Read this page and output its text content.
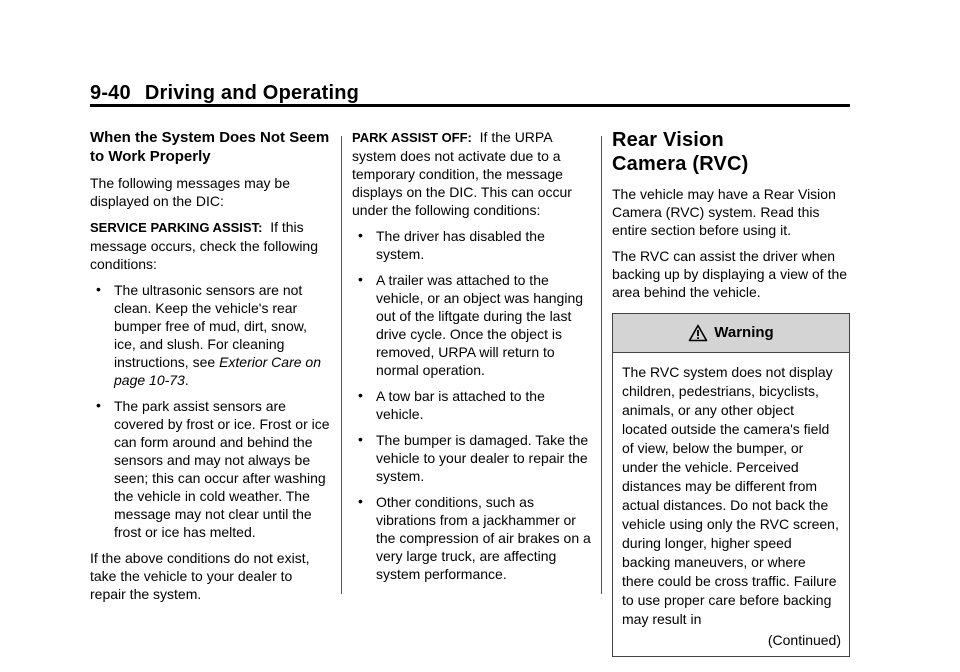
9-40 Driving and Operating
When the System Does Not Seem to Work Properly

The following messages may be displayed on the DIC:

SERVICE PARKING ASSIST: If this message occurs, check the following conditions:

• The ultrasonic sensors are not clean. Keep the vehicle's rear bumper free of mud, dirt, snow, ice, and slush. For cleaning instructions, see Exterior Care on page 10-73.
• The park assist sensors are covered by frost or ice. Frost or ice can form around and behind the sensors and may not always be seen; this can occur after washing the vehicle in cold weather. The message may not clear until the frost or ice has melted.

If the above conditions do not exist, take the vehicle to your dealer to repair the system.

PARK ASSIST OFF: If the URPA system does not activate due to a temporary condition, the message displays on the DIC. This can occur under the following conditions:

• The driver has disabled the system.
• A trailer was attached to the vehicle, or an object was hanging out of the liftgate during the last drive cycle. Once the object is removed, URPA will return to normal operation.
• A tow bar is attached to the vehicle.
• The bumper is damaged. Take the vehicle to your dealer to repair the system.
• Other conditions, such as vibrations from a jackhammer or the compression of air brakes on a very large truck, are affecting system performance.
Rear Vision
Camera (RVC)

The vehicle may have a Rear Vision Camera (RVC) system. Read this entire section before using it.

The RVC can assist the driver when backing up by displaying a view of the area behind the vehicle.

Warning
The RVC system does not display children, pedestrians, bicyclists, animals, or any other object located outside the camera's field of view, below the bumper, or under the vehicle. Perceived distances may be different from actual distances. Do not back the vehicle using only the RVC screen, during longer, higher speed backing maneuvers, or where there could be cross traffic. Failure to use proper care before backing may result in
(Continued)
